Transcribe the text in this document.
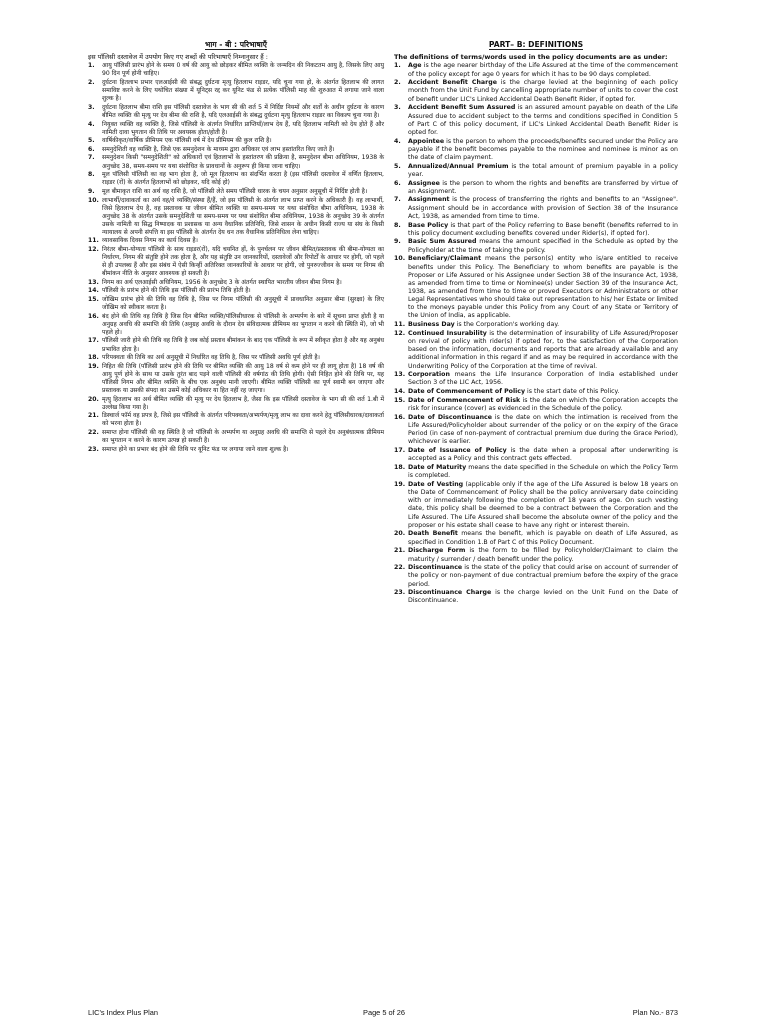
भाग - बी : परिभाषाएँ
इस पॉलिसी दस्तावेज में उपयोग किए गए शब्दों की परिभाषाएँ निम्नानुसार हैं :
1.	आयु पॉलिसी प्रारंभ होने के समय 0 वर्ष की आयु को छोड़कर बीमित व्यक्ति के जन्मदिन की निकटतम आयु है, जिसके लिए आयु 90 दिन पूर्ण होनी चाहिए।
2.	दुर्घटना हितलाभ प्रभार एलआईसी की संबद्ध दुर्घटना मृत्यु हितलाभ राइडर, यदि चुना गया हो, के अंतर्गत हितलाभ की लागत समाविष्ट करने के लिए यथोचित संख्या में यूनिट्स रद्द कर यूनिट फंड से प्रत्येक पॉलिसी माह की शुरुआत में लगाया जाने वाला शुल्क है।
3.	दुर्घटना हितलाभ बीमा राशि इस पॉलिसी दस्तावेज के भाग सी की शर्त 5 में निर्दिष्ट नियमों और शर्तों के अधीन दुर्घटना के कारण बीमित व्यक्ति की मृत्यु पर देय बीमा की राशि है, यदि एलआईसी के संबद्ध दुर्घटना मृत्यु हितलाभ राइडर का विकल्प चुना गया है।
4.	नियुक्त व्यक्ति वह व्यक्ति है, जिसे पॉलिसी के अंतर्गत निर्धारित प्राप्तियाँ/लाभ देय हैं, यदि हितलाभ नामिती को देय होते हैं और नामिती दावा भुगतान की तिथि पर अवयस्क होता/होती है।
5.	वार्षिकीकृत/वार्षिक प्रीमियम एक पॉलिसी वर्ष में देय प्रीमियम की कुल राशि है।
6.	समनुदेशिती वह व्यक्ति है, जिसे एक समनुदेशन के माध्यम द्वारा अधिकार एवं लाभ हस्तांतरित किए जाते हैं।
7.	समनुदेशन किसी "समनुदेशिती" को अधिकारों एवं हितलाभों के हस्तांतरण की प्रक्रिया है, समनुदेशन बीमा अधिनियम, 1938 के अनुच्छेद 38, समय-समय पर यथा संशोधित के प्रावधानों के अनुरूप ही किया जाना चाहिए।
8.	मूल पॉलिसी पॉलिसी का वह भाग होता है, जो मूल हितलाभ का संदर्भित करता है (इस पॉलिसी दस्तावेज में वर्णित हितलाभ, राइडर (रों) के अंतर्गत हितलाभों को छोड़कर, यदि कोई हो)
9.	मूल बीमाकृत राशि का अर्थ वह राशि है, जो पॉलिसी लेते समय पॉलिसी धारक के चयन अनुसार अनुसूची में निर्दिष्ट होती है।
10. लाभार्थी/दावाकर्ता का अर्थ वह/वे व्यक्ति/संस्था हैं/हैं, जो इस पॉलिसी के अंतर्गत लाभ प्राप्त करने के अधिकारी हैं। वह लाभार्थी, जिसे हितलाभ देय है, वह प्रस्तावक या जीवन बीमित व्यक्ति या समय-समय पर यथा संशोधित बीमा अधिनियम, 1938 के अनुच्छेद 38 के अंतर्गत उसके समनुदेशिती या समय-समय पर यथा संशोधित बीमा अधिनियम, 1938 के अनुच्छेद 39 के अंतर्गत उसके नामिती या सिद्ध निष्पादक या प्रशासक या अन्य वैधानिक प्रतिनिधि, जिसे शासन के अधीन किसी राज्य या संघ के किसी न्यायालय से अपनी संपत्ति या इस पॉलिसी के अंतर्गत देय धन तक वैधानिक प्रतिनिधित्व लेना चाहिए।
11. व्यावसायिक दिवस निगम का कार्य दिवस है।
12. निरंतर बीमा-योग्यता पॉलिसी के साथ राइडर(रों), यदि चयनित हों, के पुनर्चलन पर जीवन बीमित/प्रस्तावक की बीमा-योग्यता का निर्धारण, निगम की संतुष्टि होने तक होता है, और यह संतुष्टि उन जानकारियों, दस्तावेजों और रिपोर्टों के आधार पर होगी, जो पहले से ही उपलब्ध हैं और इस संबंध में ऐसी किन्हीं अतिरिक्त जानकारियों के आधार पर होगी, जो पुनरुज्जीवन के समय पर निगम की बीमांकन नीति के अनुसार आवश्यक हो सकती है।
13. निगम का अर्थ एलआईसी अधिनियम, 1956 के अनुच्छेद 3 के अंतर्गत स्थापित भारतीय जीवन बीमा निगम है।
14. पॉलिसी के प्रारंभ होने की तिथि इस पॉलिसी की प्रारंभ तिथि होती है।
15. जोखिम प्रारंभ होने की तिथि वह तिथि है, जिस पर निगम पॉलिसी की अनुसूची में प्रावधानित अनुसार बीमा (सुरक्षा) के लिए जोखिम को स्वीकार करता है।
16. बंद होने की तिथि वह तिथि है जिस दिन बीमित व्यक्ति/पॉलिसीधारक से पॉलिसी के अभ्यर्पण के बारे में सूचना प्राप्त होती है या अनुग्रह अवधि की समाप्ति की तिथि (अनुग्रह अवधि के दौरान देय संविदात्मक प्रीमियम का भुगतान न करने की स्थिति में), जो भी पहले हो।
17. पॉलिसी जारी होने की तिथि वह तिथि है जब कोई प्रस्ताव बीमांकन के बाद एक पॉलिसी के रूप में स्वीकृत होता है और यह अनुबंध प्रभावित होता है।
18. परिपक्वता की तिथि का अर्थ अनुसूची में निर्धारित वह तिथि है, जिस पर पॉलिसी अवधि पूर्ण होती है।
19. निहित की तिथि (पॉलिसी प्रारंभ होने की तिथि पर बीमित व्यक्ति की आयु 18 वर्ष से कम होने पर ही लागू होता है) 18 वर्ष की आयु पूर्ण होने के साथ या उसके तुरंत बाद पड़ने वाली पॉलिसी की वर्षगांठ की तिथि होगी। ऐसी निहित होने की तिथि पर, यह पॉलिसी निगम और बीमित व्यक्ति के बीच एक अनुबंध मानी जाएगी। बीमित व्यक्ति पॉलिसी का पूर्ण स्वामी बन जाएगा और प्रस्तावक या उसकी संपदा का उसमें कोई अधिकार या हित नहीं रह जाएगा।
20. मृत्यु हितलाभ का अर्थ बीमित व्यक्ति की मृत्यु पर देय हितलाभ है, जैसा कि इस पॉलिसी दस्तावेज के भाग सी की शर्त 1.बी में उल्लेख किया गया है।
21. डिस्चार्ज फॉर्म वह प्रपत्र है, जिसे इस पॉलिसी के अंतर्गत परिपक्वता/अभ्यर्पण/मृत्यु लाभ का दावा करने हेतु पॉलिसीधारक/दावाकर्ता को भरना होता है।
22. समाप्त होना पॉलिसी की वह स्थिति है जो पॉलिसी के अभ्यर्पण या अनुग्रह अवधि की समाप्ति से पहले देय अनुबंधात्मक प्रीमियम का भुगतान न करने के कारण उत्पन्न हो सकती है।
23. समाप्त होने का प्रभार बंद होने की तिथि पर यूनिट फंड पर लगाया जाने वाला शुल्क है।
PART– B: DEFINITIONS
The definitions of terms/words used in the policy documents are as under:
1.	Age is the age nearer birthday of the Life Assured at the time of the commencement of the policy except for age 0 years for which it has to be 90 days completed.
2.	Accident Benefit Charge is the charge levied at the beginning of each policy month from the Unit Fund by cancelling appropriate number of units to cover the cost of benefit under LIC's Linked Accidental Death Benefit Rider, if opted for.
3.	Accident Benefit Sum Assured is an assured amount payable on death of the Life Assured due to accident subject to the terms and conditions specified in Condition 5 of Part C of this policy document, if LIC's Linked Accidental Death Benefit Rider is opted for.
4.	Appointee is the person to whom the proceeds/benefits secured under the Policy are payable if the benefit becomes payable to the nominee and nominee is minor as on the date of claim payment.
5.	Annualized/Annual Premium is the total amount of premium payable in a policy year.
6.	Assignee is the person to whom the rights and benefits are transferred by virtue of an Assignment.
7.	Assignment is the process of transferring the rights and benefits to an "Assignee". Assignment should be in accordance with provision of Section 38 of the Insurance Act, 1938, as amended from time to time.
8.	Base Policy is that part of the Policy referring to Base benefit (benefits referred to in this policy document excluding benefits covered under Rider(s), if opted for).
9.	Basic Sum Assured means the amount specified in the Schedule as opted by the Policyholder at the time of taking the policy.
10. Beneficiary/Claimant means the person(s) entity who is/are entitled to receive benefits under this Policy. The Beneficiary to whom benefits are payable is the Proposer or Life Assured or his Assignee under Section 38 of the Insurance Act, 1938, as amended from time to time or Nominee(s) under Section 39 of the Insurance Act, 1938, as amended from time to time or proved Executors or Administrators or other Legal Representatives who should take out representation to his/ her Estate or limited to the moneys payable under this Policy from any Court of any State or Territory of the Union of India, as applicable.
11. Business Day is the Corporation's working day.
12. Continued Insurability is the determination of insurability of Life Assured/Proposer on revival of policy with rider(s) if opted for, to the satisfaction of the Corporation based on the information, documents and reports that are already available and any additional information in this regard if and as may be required in accordance with the Underwriting Policy of the Corporation at the time of revival.
13. Corporation means the Life Insurance Corporation of India established under Section 3 of the LIC Act, 1956.
14. Date of Commencement of Policy is the start date of this Policy.
15. Date of Commencement of Risk is the date on which the Corporation accepts the risk for insurance (cover) as evidenced in the Schedule of the policy.
16. Date of Discontinuance is the date on which the intimation is received from the Life Assured/Policyholder about surrender of the policy or on the expiry of the Grace Period (in case of non-payment of contractual premium due during the Grace Period), whichever is earlier.
17. Date of Issuance of Policy is the date when a proposal after underwriting is accepted as a Policy and this contract gets effected.
18. Date of Maturity means the date specified in the Schedule on which the Policy Term is completed.
19. Date of Vesting (applicable only if the age of the Life Assured is below 18 years on the Date of Commencement of Policy shall be the policy anniversary date coinciding with or immediately following the completion of 18 years of age. On such vesting date, this policy shall be deemed to be a contract between the Corporation and the Life Assured. The Life Assured shall become the absolute owner of the policy and the proposer or his estate shall cease to have any right or interest therein.
20. Death Benefit means the benefit, which is payable on death of Life Assured, as specified in Condition 1.B of Part C of this Policy Document.
21. Discharge Form is the form to be filled by Policyholder/Claimant to claim the maturity / surrender / death benefit under the policy.
22. Discontinuance is the state of the policy that could arise on account of surrender of the policy or non-payment of due contractual premium before the expiry of the grace period.
23. Discontinuance Charge is the charge levied on the Unit Fund on the Date of Discontinuance.
Page 5 of 26
LIC's Index Plus Plan	Plan No.- 873
